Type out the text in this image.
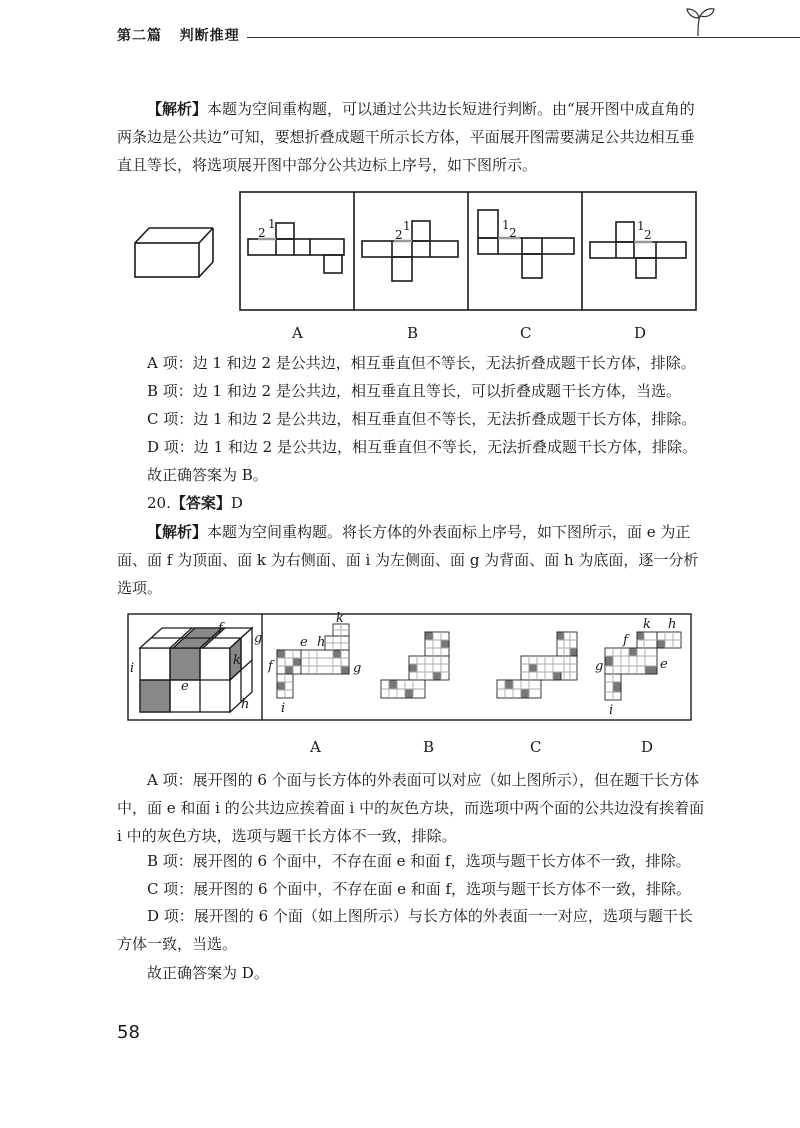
第二篇 判断推理
【解析】本题为空间重构题，可以通过公共边长短进行判断。由“展开图中成直角的两条边是公共边”可知，要想折叠成题干所示长方体，平面展开图需要满足公共边相互垂直且等长，将选项展开图中部分公共边标上序号，如下图所示。
2
1
2
1	1
2	1
2
A	B	C	D
A 项：边 1 和边 2 是公共边，相互垂直但不等长，无法折叠成题干长方体，排除。
B 项：边 1 和边 2 是公共边，相互垂直且等长，可以折叠成题干长方体，当选。
C 项：边 1 和边 2 是公共边，相互垂直但不等长，无法折叠成题干长方体，排除。
D 项：边 1 和边 2 是公共边，相互垂直但不等长，无法折叠成题干长方体，排除。
故正确答案为 B。
20.【答案】D
【解析】本题为空间重构题。将长方体的外表面标上序号，如下图所示，面 e 为正面、面 f 为顶面、面 k 为右侧面、面 i 为左侧面、面 g 为背面、面 h 为底面，逐一分析选项。
f
g
i
k
e
h
e h
k
f	g
i
k h
f
g	e
i
A	B	C	D
A 项：展开图的 6 个面与长方体的外表面可以对应（如上图所示），但在题干长方体中，面 e 和面 i 的公共边应挨着面 i 中的灰色方块，而选项中两个面的公共边没有挨着面 i 中的灰色方块，选项与题干长方体不一致，排除。
B 项：展开图的 6 个面中，不存在面 e 和面 f，选项与题干长方体不一致，排除。
C 项：展开图的 6 个面中，不存在面 e 和面 f，选项与题干长方体不一致，排除。
D 项：展开图的 6 个面（如上图所示）与长方体的外表面一一对应，选项与题干长方体一致，当选。
故正确答案为 D。
58
